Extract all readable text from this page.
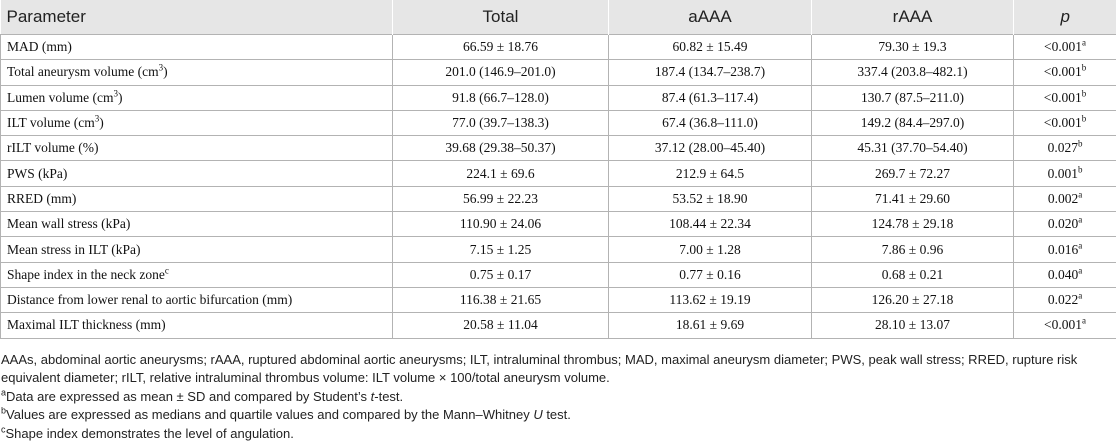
Parameter	Total	aAAA	rAAA	p
MAD (mm)	66.59 ± 18.76	60.82 ± 15.49	79.30 ± 19.3	<0.001$^a$
Total aneurysm volume $(cm^3)$	201.0 (146.9–201.0)	187.4 (134.7–238.7)	337.4 (203.8–482.1)	<0.001$^b$
Lumen volume $(cm^3)$	91.8 (66.7–128.0)	87.4 (61.3–117.4)	130.7 (87.5–211.0)	<0.001$^b$
ILT volume $(cm^3)$	77.0 (39.7–138.3)	67.4 (36.8–111.0)	149.2 (84.4–297.0)	<0.001$^b$
rILT volume (%)	39.68 (29.38–50.37)	37.12 (28.00–45.40)	45.31 (37.70–54.40)	0.027$^b$
PWS (kPa)	224.1 ± 69.6	212.9 ± 64.5	269.7 ± 72.27	0.001$^b$
RRED (mm)	56.99 ± 22.23	53.52 ± 18.90	71.41 ± 29.60	0.002$^a$
Mean wall stress (kPa)	110.90 ± 24.06	108.44 ± 22.34	124.78 ± 29.18	0.020$^a$
Mean stress in ILT (kPa)	7.15 ± 1.25	7.00 ± 1.28	7.86 ± 0.96	0.016$^a$
Shape index in the neck zone$^c$	0.75 ± 0.17	0.77 ± 0.16	0.68 ± 0.21	0.040$^a$
Distance from lower renal to aortic bifurcation (mm)	116.38 ± 21.65	113.62 ± 19.19	126.20 ± 27.18	0.022$^a$
Maximal ILT thickness (mm)	20.58 ± 11.04	18.61 ± 9.69	28.10 ± 13.07	<0.001$^a$

AAAs, abdominal aortic aneurysms; rAAA, ruptured abdominal aortic aneurysms; ILT, intraluminal thrombus; MAD, maximal aneurysm diameter; PWS, peak wall stress; RRED, rupture risk equivalent diameter; rILT, relative intraluminal thrombus volume: ILT volume × 100/total aneurysm volume.

$^a$Data are expressed as mean ± SD and compared by Student’s t-test.

$^b$Values are expressed as medians and quartile values and compared by the Mann–Whitney U test.

$^c$Shape index demonstrates the level of angulation.
